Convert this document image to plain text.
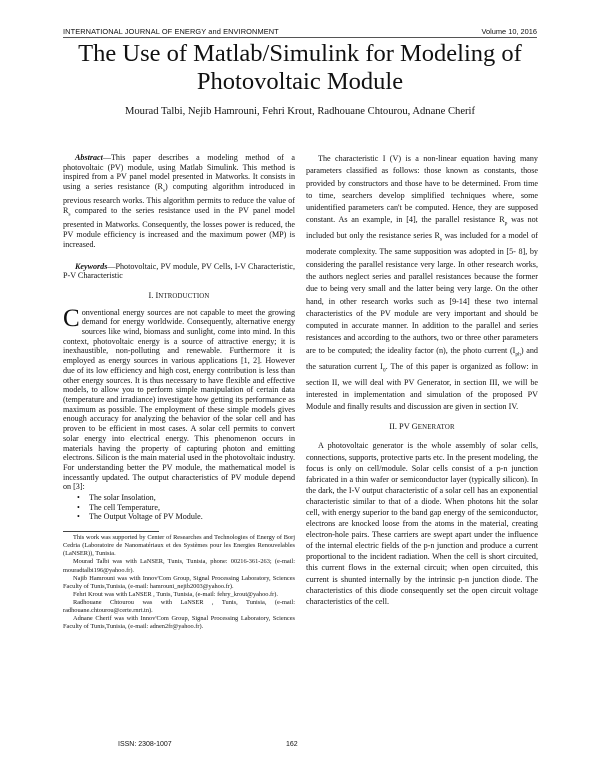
INTERNATIONAL JOURNAL OF ENERGY and ENVIRONMENT	Volume 10, 2016
The Use of Matlab/Simulink for Modeling of
Photovoltaic Module
Mourad Talbi, Nejib Hamrouni, Fehri Krout, Radhouane Chtourou, Adnane Cherif

Abstract—This paper describes a modeling method of a photovoltaic (PV) module, using Matlab Simulink. This method is inspired from a PV panel model presented in Matworks. It consists in using a series resistance $(R_s)$ computing algorithm introduced in previous research works. This algorithm permits to reduce the value of $R_s$ compared to the series resistance used in the PV panel model presented in Matworks. Consequently, the losses power is reduced, the PV module efficiency is increased and the maximum power (MP) is increased.

Keywords—Photovoltaic, PV module, PV Cells, I-V Characteristic, P-V Characteristic

I. INTRODUCTION

Conventional energy sources are not capable to meet the growing demand for energy worldwide. Consequently, alternative energy sources like wind, biomass and sunlight, come into mind. In this context, photovoltaic energy is a source of attractive energy; it is inexhaustible, non-polluting and renewable. Furthermore it is employed as energy sources in various applications [1, 2]. However due of its low efficiency and high cost, energy contribution is less than other energy sources. It is thus necessary to have flexible and effective models, to allow you to perform simple manipulation of certain data (temperature and irradiance) investigate how getting its performance as maximum as possible. The employment of these simple models gives enough accuracy for analyzing the behavior of the solar cell and has proven to be efficient in most cases. A solar cell permits to convert solar energy into electrical energy. This phenomenon occurs in materials having the property of capturing photon and emitting electrons. Silicon is the main material used in the photovoltaic industry. For understanding better the PV module, the mathematical model is incessantly updated. The output characteristics of PV module depend on [3]:

• The solar Insolation,
• The cell Temperature,
• The Output Voltage of PV Module.

This work was supported by Center of Researches and Technologies of Energy of Borj Cedria (Laboratoire de Nanomatériaux et des Systèmes pour les Energies Renouvelables (LaNSER)), Tunisia.

Mourad Talbi was with LaNSER, Tunis, Tunisia, phone: 00216-361-263; (e-mail: mouradtalbi196@yahoo.fr).

Najib Hamrouni was with Innov'Com Group, Signal Processing Laboratory, Sciences Faculty of Tunis,Tunisia, (e-mail: hamrouni_nejib2003@yahoo.fr).

Fehri Krout was with LaNSER , Tunis, Tunisia, (e-mail: fehry_krout@yahoo.fr).

Radhouane Chtourou was with LaNSER , Tunis, Tunisia, (e-mail: radhouane.chtourou@certe.rnrt.tn).

Adnane Cherif was with Innov'Com Group, Signal Processing Laboratory, Sciences Faculty of Tunis,Tunisia, (e-mail: adnen2fr@yahoo.fr).

The characteristic I (V) is a non-linear equation having many parameters classified as follows: those known as constants, those provided by constructors and those have to be determined. From time to time, searchers develop simplified techniques where, some unidentified parameters can't be computed. Hence, they are supposed constant. As an example, in [4], the parallel resistance $R_p$ was not included but only the resistance series $R_s$ was included for a model of moderate complexity. The same supposition was adopted in [5- 8], by considering the parallel resistance very large. In other research works, the authors neglect series and parallel resistances because the former due to being very small and the latter being very large. On the other hand, in other research works such as [9-14] these two internal characteristics of the PV module are very important and should be computed in accurate manner. In addition to the parallel and series resistances and according to the authors, two or three other parameters are to be computed; the ideality factor (n), the photo current $(I_{ph})$ and the saturation current $I_0$. The of this paper is organized as follow: in section II, we will deal with PV Generator, in section III, we will be interested in implementation and simulation of the proposed PV Module and finally results and discussion are given in section IV.

II. PV GENERATOR

A photovoltaic generator is the whole assembly of solar cells, connections, supports, protective parts etc. In the present modeling, the focus is only on cell/module. Solar cells consist of a p-n junction fabricated in a thin wafer or semiconductor layer (typically silicon). In the dark, the I-V output characteristic of a solar cell has an exponential characteristic similar to that of a diode. When photons hit the solar cell, with energy superior to the band gap energy of the semiconductor, electrons are knocked loose from the atoms in the material, creating electron-hole pairs. These carriers are swept apart under the influence of the internal electric fields of the p-n junction and produce a current proportional to the incident radiation. When the cell is short circuited, this current flows in the external circuit; when open circuited, this current is shunted internally by the intrinsic p-n junction diode. The characteristics of this diode consequently set the open circuit voltage characteristics of the cell.

ISSN: 2308-1007	162
